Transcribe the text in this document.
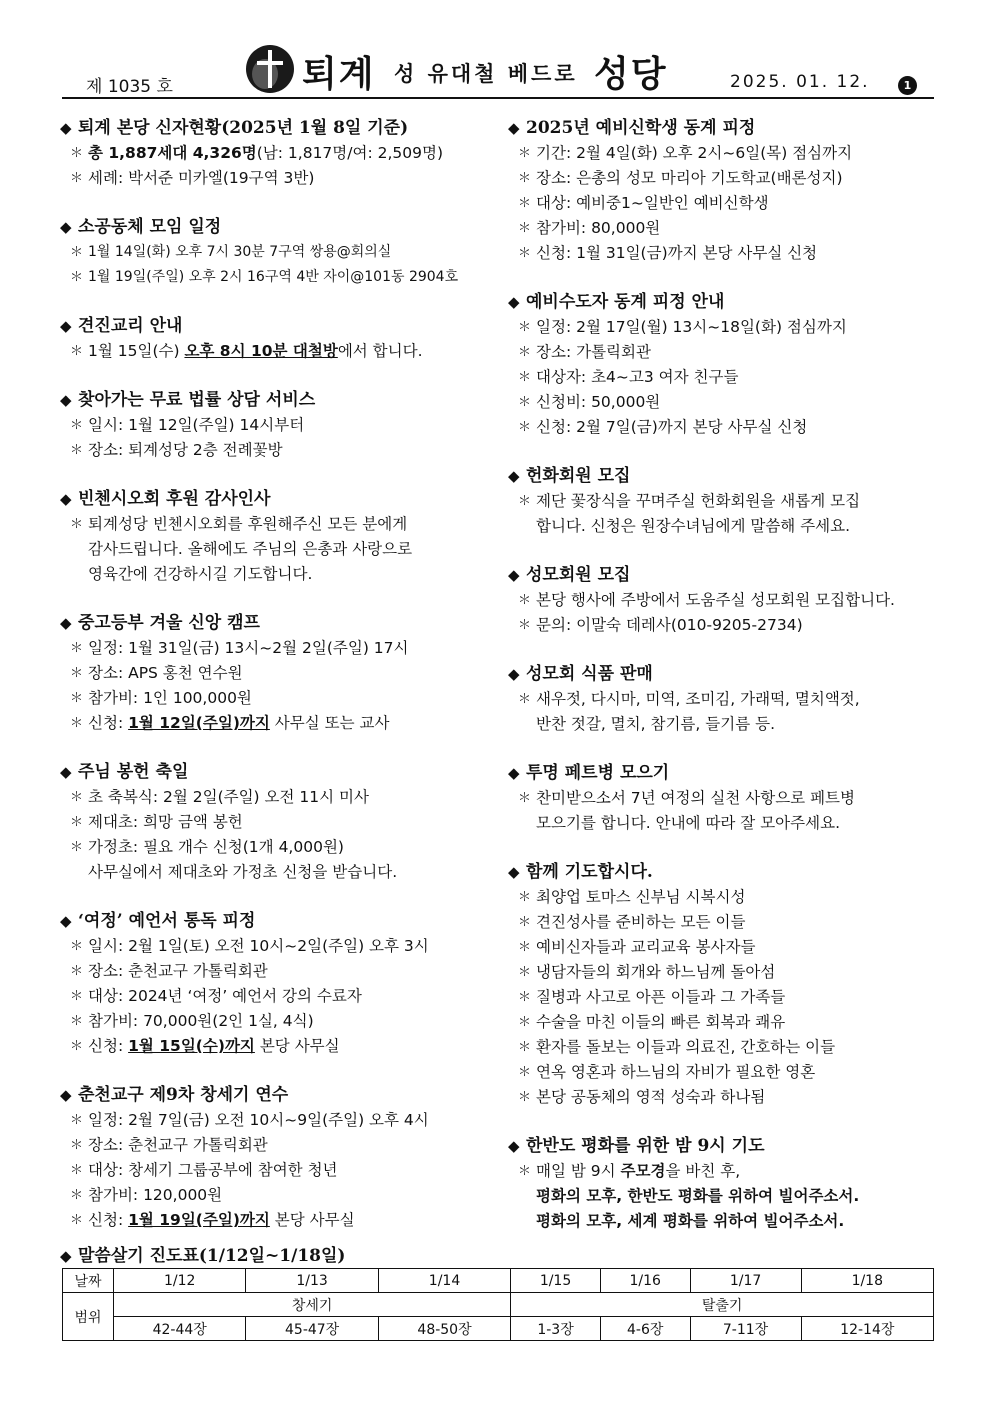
제 1035 호	퇴계 성 유대철 베드로 성당	2025. 01. 12.	1
◆ 퇴계 본당 신자현황(2025년 1월 8일 기준)
＊ 총 1,887세대 4,326명(남: 1,817명/여: 2,509명)
＊ 세례: 박서준 미카엘(19구역 3반)
◆ 소공동체 모임 일정
＊ 1월 14일(화) 오후 7시 30분 7구역 쌍용@회의실
＊ 1월 19일(주일) 오후 2시 16구역 4반 자이@101동 2904호
◆ 견진교리 안내
＊ 1월 15일(수) 오후 8시 10분 대철방에서 합니다.
◆ 찾아가는 무료 법률 상담 서비스
＊ 일시: 1월 12일(주일) 14시부터
＊ 장소: 퇴계성당 2층 전례꽃방
◆ 빈첸시오회 후원 감사인사
＊ 퇴계성당 빈첸시오회를 후원해주신 모든 분에게
감사드립니다. 올해에도 주님의 은총과 사랑으로
영육간에 건강하시길 기도합니다.
◆ 중고등부 겨울 신앙 캠프
＊ 일정: 1월 31일(금) 13시~2월 2일(주일) 17시
＊ 장소: APS 홍천 연수원
＊ 참가비: 1인 100,000원
＊ 신청: 1월 12일(주일)까지 사무실 또는 교사
◆ 주님 봉헌 축일
＊ 초 축복식: 2월 2일(주일) 오전 11시 미사
＊ 제대초: 희망 금액 봉헌
＊ 가정초: 필요 개수 신청(1개 4,000원)
사무실에서 제대초와 가정초 신청을 받습니다.
◆ ‘여정’ 예언서 통독 피정
＊ 일시: 2월 1일(토) 오전 10시~2일(주일) 오후 3시
＊ 장소: 춘천교구 가톨릭회관
＊ 대상: 2024년 ‘여정’ 예언서 강의 수료자
＊ 참가비: 70,000원(2인 1실, 4식)
＊ 신청: 1월 15일(수)까지 본당 사무실
◆ 춘천교구 제9차 창세기 연수
＊ 일정: 2월 7일(금) 오전 10시~9일(주일) 오후 4시
＊ 장소: 춘천교구 가톨릭회관
＊ 대상: 창세기 그룹공부에 참여한 청년
＊ 참가비: 120,000원
＊ 신청: 1월 19일(주일)까지 본당 사무실
◆ 2025년 예비신학생 동계 피정
＊ 기간: 2월 4일(화) 오후 2시~6일(목) 점심까지
＊ 장소: 은총의 성모 마리아 기도학교(배론성지)
＊ 대상: 예비중1~일반인 예비신학생
＊ 참가비: 80,000원
＊ 신청: 1월 31일(금)까지 본당 사무실 신청
◆ 예비수도자 동계 피정 안내
＊ 일정: 2월 17일(월) 13시~18일(화) 점심까지
＊ 장소: 가톨릭회관
＊ 대상자: 초4~고3 여자 친구들
＊ 신청비: 50,000원
＊ 신청: 2월 7일(금)까지 본당 사무실 신청
◆ 헌화회원 모집
＊ 제단 꽃장식을 꾸며주실 헌화회원을 새롭게 모집
합니다. 신청은 원장수녀님에게 말씀해 주세요.
◆ 성모회원 모집
＊ 본당 행사에 주방에서 도움주실 성모회원 모집합니다.
＊ 문의: 이말숙 데레사(010-9205-2734)
◆ 성모회 식품 판매
＊ 새우젓, 다시마, 미역, 조미김, 가래떡, 멸치액젓,
반찬 젓갈, 멸치, 참기름, 들기름 등.
◆ 투명 페트병 모으기
＊ 찬미받으소서 7년 여정의 실천 사항으로 페트병
모으기를 합니다. 안내에 따라 잘 모아주세요.
◆ 함께 기도합시다.
＊ 최양업 토마스 신부님 시복시성
＊ 견진성사를 준비하는 모든 이들
＊ 예비신자들과 교리교육 봉사자들
＊ 냉담자들의 회개와 하느님께 돌아섬
＊ 질병과 사고로 아픈 이들과 그 가족들
＊ 수술을 마친 이들의 빠른 회복과 쾌유
＊ 환자를 돌보는 이들과 의료진, 간호하는 이들
＊ 연옥 영혼과 하느님의 자비가 필요한 영혼
＊ 본당 공동체의 영적 성숙과 하나됨
◆ 한반도 평화를 위한 밤 9시 기도
＊ 매일 밤 9시 주모경을 바친 후,
평화의 모후, 한반도 평화를 위하여 빌어주소서.
평화의 모후, 세계 평화를 위하여 빌어주소서.
◆ 말씀살기 진도표(1/12일~1/18일)
날짜	1/12	1/13	1/14	1/15	1/16	1/17	1/18
범위	창세기			탈출기			
	42-44장	45-47장	48-50장	1-3장	4-6장	7-11장	12-14장
